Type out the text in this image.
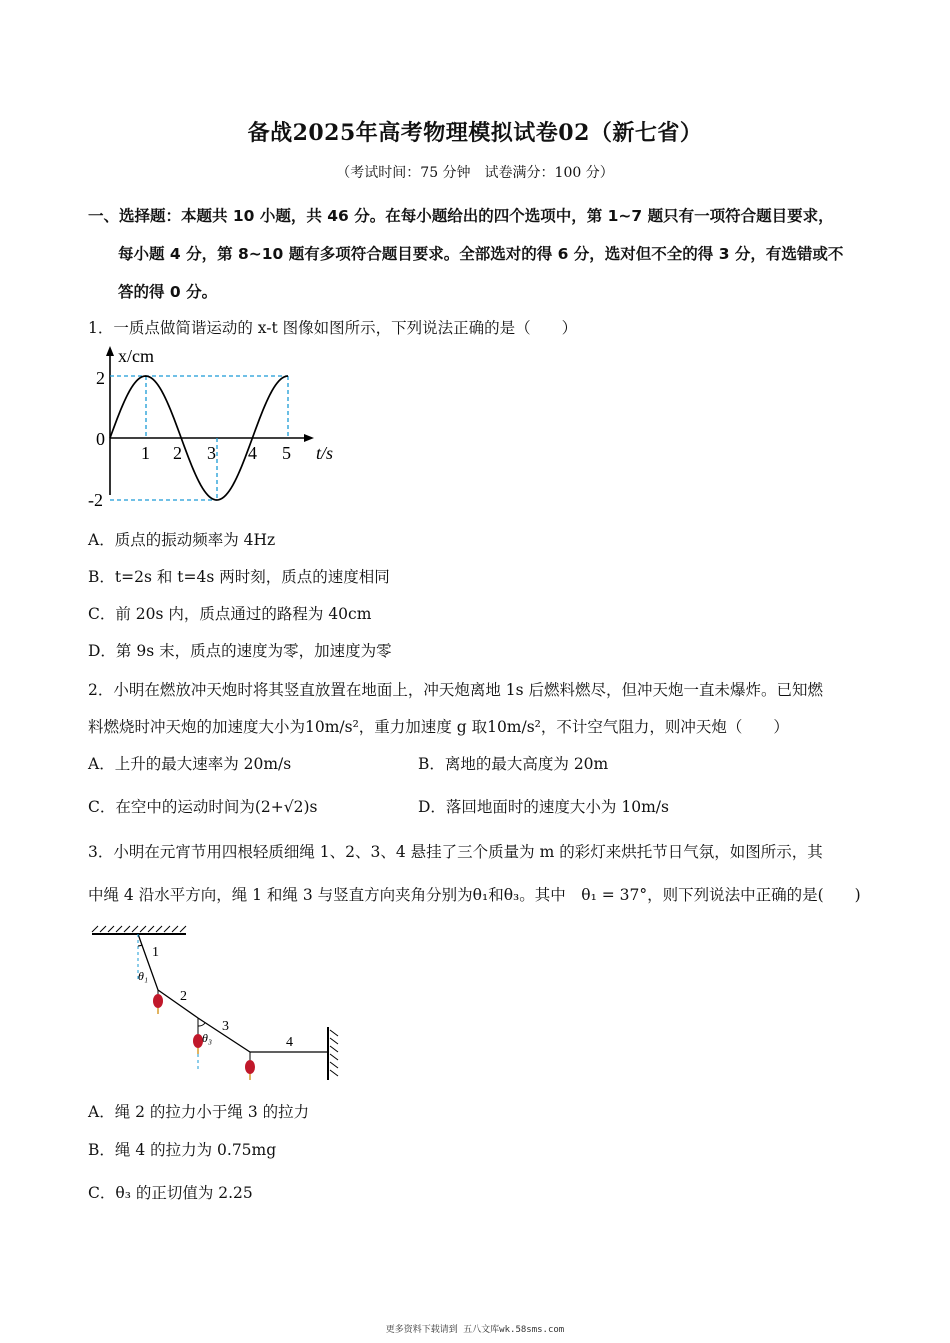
备战2025年高考物理模拟试卷02（新七省）
（考试时间：75 分钟　试卷满分：100 分）
一、选择题：本题共 10 小题，共 46 分。在每小题给出的四个选项中，第 1~7 题只有一项符合题目要求，
每小题 4 分，第 8~10 题有多项符合题目要求。全部选对的得 6 分，选对但不全的得 3 分，有选错或不
答的得 0 分。
1．一质点做简谐运动的 x-t 图像如图所示，下列说法正确的是（　　）
x/cm
t/s
2
0
-2
1 2 3 4 5
A．质点的振动频率为 4Hz
B．t=2s 和 t=4s 两时刻，质点的速度相同
C．前 20s 内，质点通过的路程为 40cm
D．第 9s 末，质点的速度为零，加速度为零
2．小明在燃放冲天炮时将其竖直放置在地面上，冲天炮离地 1s 后燃料燃尽，但冲天炮一直未爆炸。已知燃
料燃烧时冲天炮的加速度大小为10m/s²，重力加速度 g 取10m/s²，不计空气阻力，则冲天炮（　　）
A．上升的最大速率为 20m/s	B．离地的最大高度为 20m
C．在空中的运动时间为(2+√2)s	D．落回地面时的速度大小为 10m/s
3．小明在元宵节用四根轻质细绳 1、2、3、4 悬挂了三个质量为 m 的彩灯来烘托节日气氛，如图所示，其
中绳 4 沿水平方向，绳 1 和绳 3 与竖直方向夹角分别为θ₁和θ₃。其中　θ₁ = 37°，则下列说法中正确的是(　　)
1
2
3
4
θ₁
θ₃
A．绳 2 的拉力小于绳 3 的拉力
B．绳 4 的拉力为 0.75mg
C．θ₃ 的正切值为 2.25
更多资料下载请到 五八文库wk.58sms.com
